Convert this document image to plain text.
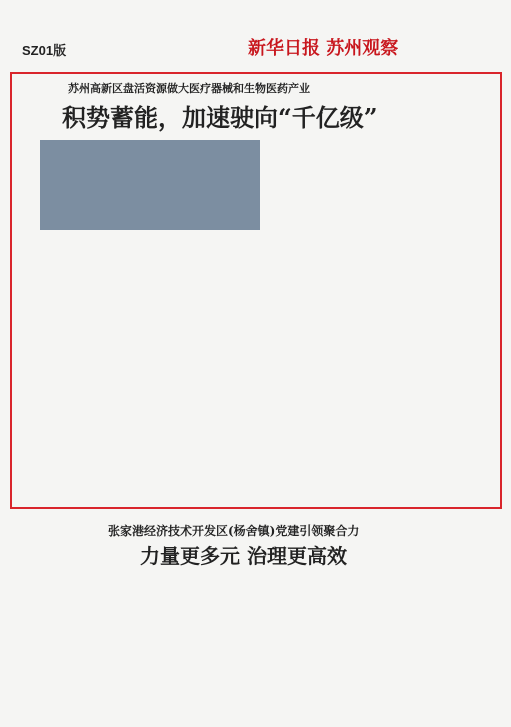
SZ01版	新华日报 苏州观察
苏州高新区盘活资源做大医疗器械和生物医药产业
积势蓄能，加速驶向“千亿级”
张家港经济技术开发区(杨舍镇)党建引领聚合力
力量更多元 治理更高效
